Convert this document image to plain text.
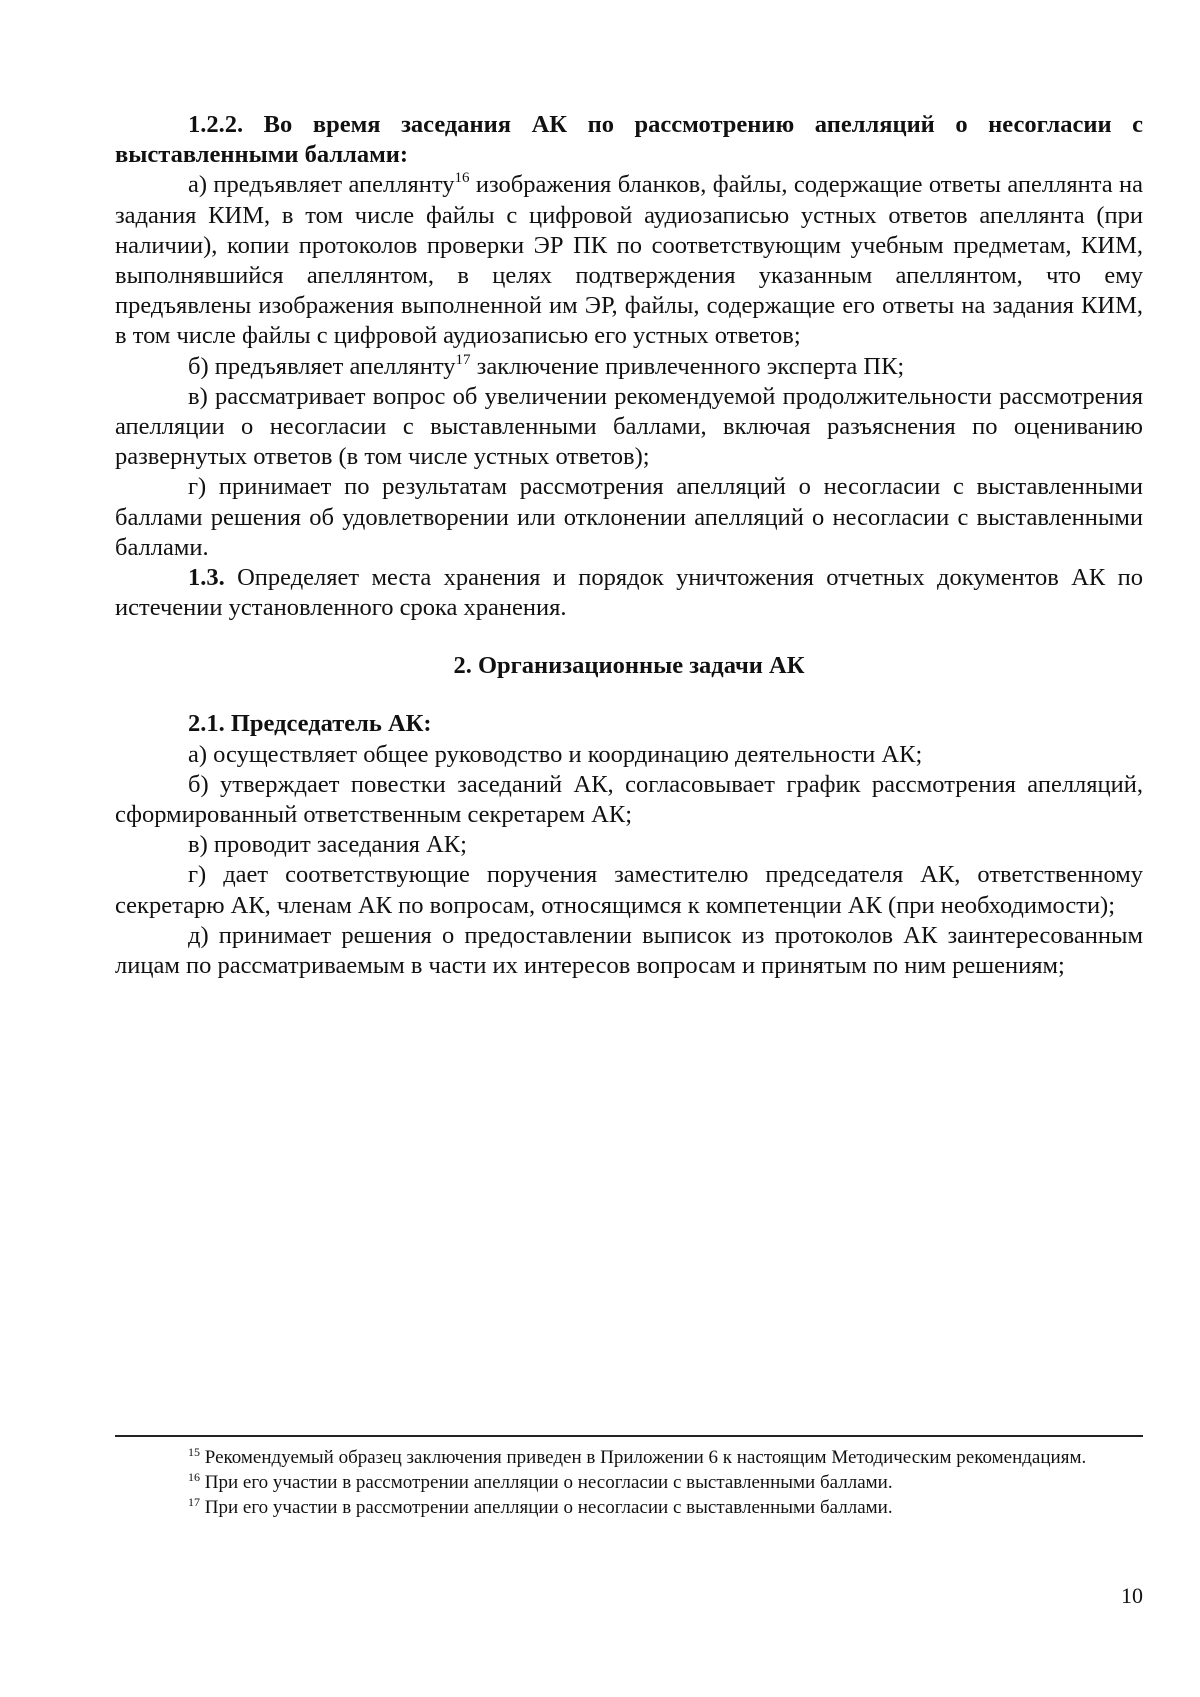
1.2.2. Во время заседания АК по рассмотрению апелляций о несогласии с выставленными баллами:

а) предъявляет апеллянту$^{16}$ изображения бланков, файлы, содержащие ответы апеллянта на задания КИМ, в том числе файлы с цифровой аудиозаписью устных ответов апеллянта (при наличии), копии протоколов проверки ЭР ПК по соответствующим учебным предметам, КИМ, выполнявшийся апеллянтом, в целях подтверждения указанным апеллянтом, что ему предъявлены изображения выполненной им ЭР, файлы, содержащие его ответы на задания КИМ, в том числе файлы с цифровой аудиозаписью его устных ответов;

б) предъявляет апеллянту$^{17}$ заключение привлеченного эксперта ПК;

в) рассматривает вопрос об увеличении рекомендуемой продолжительности рассмотрения апелляции о несогласии с выставленными баллами, включая разъяснения по оцениванию развернутых ответов (в том числе устных ответов);

г) принимает по результатам рассмотрения апелляций о несогласии с выставленными баллами решения об удовлетворении или отклонении апелляций о несогласии с выставленными баллами.

1.3. Определяет места хранения и порядок уничтожения отчетных документов АК по истечении установленного срока хранения.

2. Организационные задачи АК

2.1. Председатель АК:

а) осуществляет общее руководство и координацию деятельности АК;

б) утверждает повестки заседаний АК, согласовывает график рассмотрения апелляций, сформированный ответственным секретарем АК;

в) проводит заседания АК;

г) дает соответствующие поручения заместителю председателя АК, ответственному секретарю АК, членам АК по вопросам, относящимся к компетенции АК (при необходимости);

д) принимает решения о предоставлении выписок из протоколов АК заинтересованным лицам по рассматриваемым в части их интересов вопросам и принятым по ним решениям;

$^{15}$ Рекомендуемый образец заключения приведен в Приложении 6 к настоящим Методическим рекомендациям.

$^{16}$ При его участии в рассмотрении апелляции о несогласии с выставленными баллами.

$^{17}$ При его участии в рассмотрении апелляции о несогласии с выставленными баллами.

10
